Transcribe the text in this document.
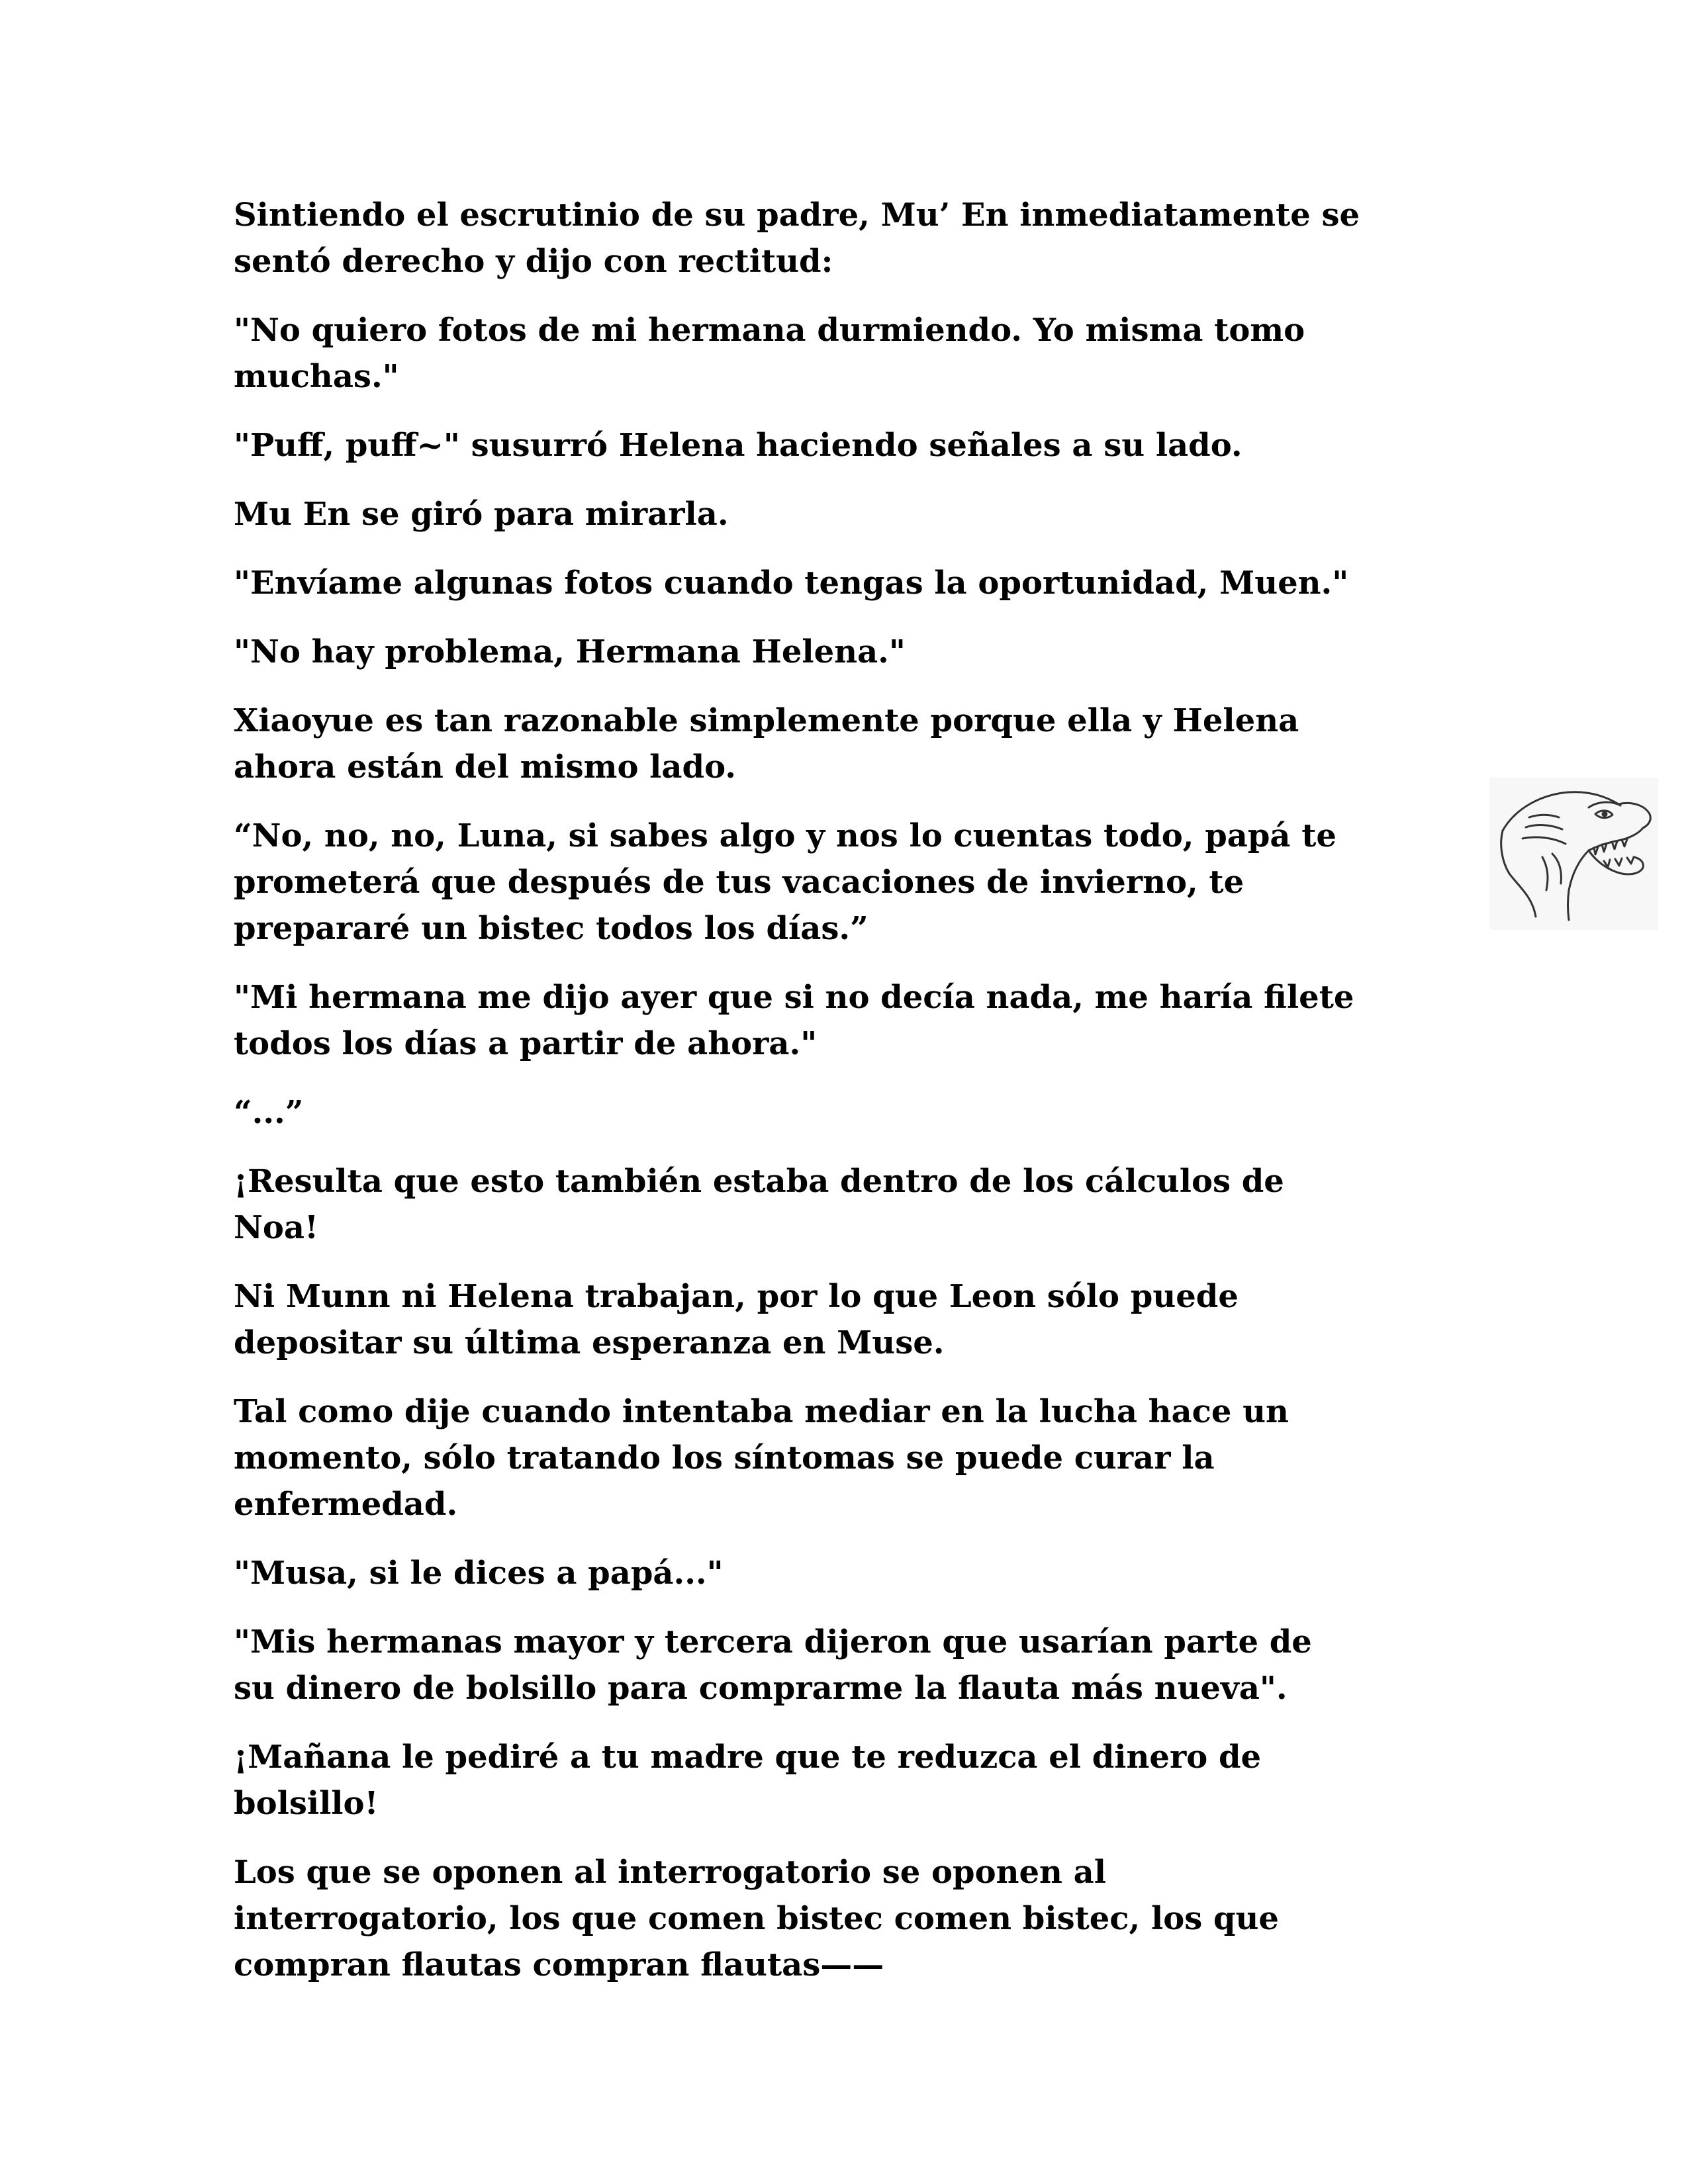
Sintiendo el escrutinio de su padre, Mu’ En inmediatamente se
sentó derecho y dijo con rectitud:

"No quiero fotos de mi hermana durmiendo. Yo misma tomo
muchas."

"Puff, puff~" susurró Helena haciendo señales a su lado.

Mu En se giró para mirarla.

"Envíame algunas fotos cuando tengas la oportunidad, Muen."

"No hay problema, Hermana Helena."

Xiaoyue es tan razonable simplemente porque ella y Helena
ahora están del mismo lado.

“No, no, no, Luna, si sabes algo y nos lo cuentas todo, papá te
prometerá que después de tus vacaciones de invierno, te
prepararé un bistec todos los días.”

"Mi hermana me dijo ayer que si no decía nada, me haría filete
todos los días a partir de ahora."

“...”

¡Resulta que esto también estaba dentro de los cálculos de
Noa!

Ni Munn ni Helena trabajan, por lo que Leon sólo puede
depositar su última esperanza en Muse.

Tal como dije cuando intentaba mediar en la lucha hace un
momento, sólo tratando los síntomas se puede curar la
enfermedad.

"Musa, si le dices a papá..."

"Mis hermanas mayor y tercera dijeron que usarían parte de
su dinero de bolsillo para comprarme la flauta más nueva".

¡Mañana le pediré a tu madre que te reduzca el dinero de
bolsillo!

Los que se oponen al interrogatorio se oponen al
interrogatorio, los que comen bistec comen bistec, los que
compran flautas compran flautas——
